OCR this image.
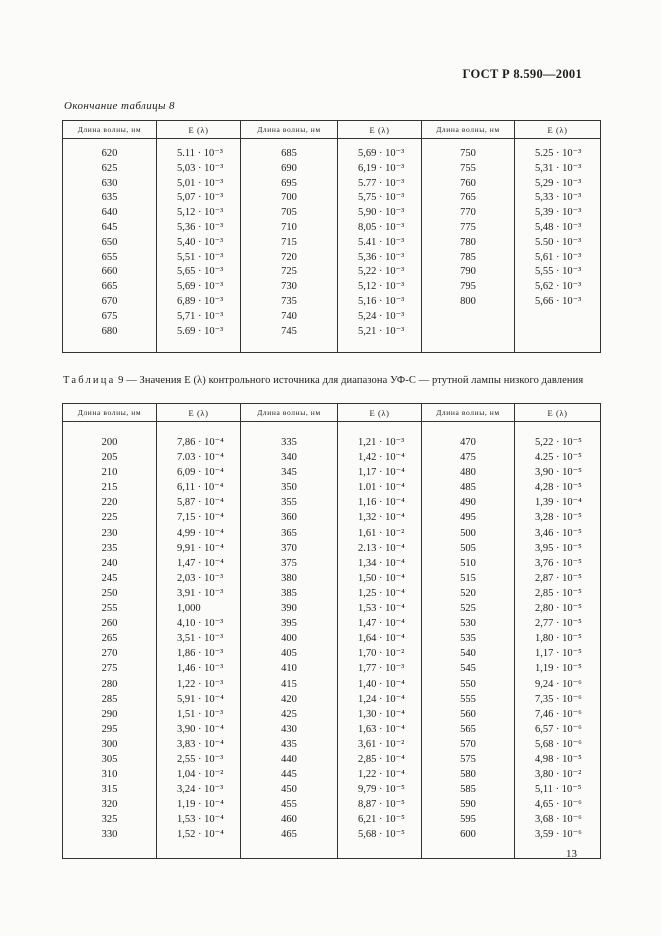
ГОСТ Р 8.590—2001
Окончание таблицы 8
Длина волны, нм	E (λ)	Длина волны, нм	E (λ)	Длина волны, нм	E (λ)

620	5.11 · 10⁻³	685	5,69 · 10⁻³	750	5.25 · 10⁻³
625	5,03 · 10⁻³	690	6,19 · 10⁻³	755	5,31 · 10⁻³
630	5,01 · 10⁻³	695	5.77 · 10⁻³	760	5,29 · 10⁻³
635	5,07 · 10⁻³	700	5,75 · 10⁻³	765	5,33 · 10⁻³
640	5,12 · 10⁻³	705	5,90 · 10⁻³	770	5,39 · 10⁻³
645	5,36 · 10⁻³	710	8,05 · 10⁻³	775	5,48 · 10⁻³
650	5,40 · 10⁻³	715	5.41 · 10⁻³	780	5.50 · 10⁻³
655	5,51 · 10⁻³	720	5,36 · 10⁻³	785	5,61 · 10⁻³
660	5,65 · 10⁻³	725	5,22 · 10⁻³	790	5,55 · 10⁻³
665	5,69 · 10⁻³	730	5,12 · 10⁻³	795	5,62 · 10⁻³
670	6,89 · 10⁻³	735	5,16 · 10⁻³	800	5,66 · 10⁻³
675	5,71 · 10⁻³	740	5,24 · 10⁻³		
680	5.69 · 10⁻³	745	5,21 · 10⁻³		

Таблица 9 — Значения E (λ) контрольного источника для диапазона УФ-С — ртутной лампы низкого давления
Длина волны, нм	E (λ)	Длина волны, нм	E (λ)	Длина волны, нм	E (λ)

200	7,86 · 10⁻⁴	335	1,21 · 10⁻³	470	5,22 · 10⁻⁵
205	7.03 · 10⁻⁴	340	1,42 · 10⁻⁴	475	4.25 · 10⁻⁵
210	6,09 · 10⁻⁴	345	1,17 · 10⁻⁴	480	3,90 · 10⁻⁵
215	6,11 · 10⁻⁴	350	1.01 · 10⁻⁴	485	4,28 · 10⁻⁵
220	5,87 · 10⁻⁴	355	1,16 · 10⁻⁴	490	1,39 · 10⁻⁴
225	7,15 · 10⁻⁴	360	1,32 · 10⁻⁴	495	3,28 · 10⁻⁵
230	4,99 · 10⁻⁴	365	1,61 · 10⁻²	500	3,46 · 10⁻⁵
235	9,91 · 10⁻⁴	370	2.13 · 10⁻⁴	505	3,95 · 10⁻⁵
240	1,47 · 10⁻⁴	375	1,34 · 10⁻⁴	510	3,76 · 10⁻⁵
245	2,03 · 10⁻³	380	1,50 · 10⁻⁴	515	2,87 · 10⁻⁵
250	3,91 · 10⁻³	385	1,25 · 10⁻⁴	520	2,85 · 10⁻⁵
255	1,000	390	1,53 · 10⁻⁴	525	2,80 · 10⁻⁵
260	4,10 · 10⁻³	395	1,47 · 10⁻⁴	530	2,77 · 10⁻⁵
265	3,51 · 10⁻³	400	1,64 · 10⁻⁴	535	1,80 · 10⁻⁵
270	1,86 · 10⁻³	405	1,70 · 10⁻²	540	1,17 · 10⁻⁵
275	1,46 · 10⁻³	410	1,77 · 10⁻³	545	1,19 · 10⁻⁵
280	1,22 · 10⁻³	415	1,40 · 10⁻⁴	550	9,24 · 10⁻⁶
285	5,91 · 10⁻⁴	420	1,24 · 10⁻⁴	555	7,35 · 10⁻⁶
290	1,51 · 10⁻³	425	1,30 · 10⁻⁴	560	7,46 · 10⁻⁶
295	3,90 · 10⁻⁴	430	1,63 · 10⁻⁴	565	6,57 · 10⁻⁶
300	3,83 · 10⁻⁴	435	3,61 · 10⁻²	570	5,68 · 10⁻⁶
305	2,55 · 10⁻³	440	2,85 · 10⁻⁴	575	4,98 · 10⁻⁵
310	1,04 · 10⁻²	445	1,22 · 10⁻⁴	580	3,80 · 10⁻²
315	3,24 · 10⁻³	450	9,79 · 10⁻⁵	585	5,11 · 10⁻⁵
320	1,19 · 10⁻⁴	455	8,87 · 10⁻⁵	590	4,65 · 10⁻⁶
325	1,53 · 10⁻⁴	460	6,21 · 10⁻⁵	595	3,68 · 10⁻⁶
330	1,52 · 10⁻⁴	465	5,68 · 10⁻⁵	600	3,59 · 10⁻⁶

13
